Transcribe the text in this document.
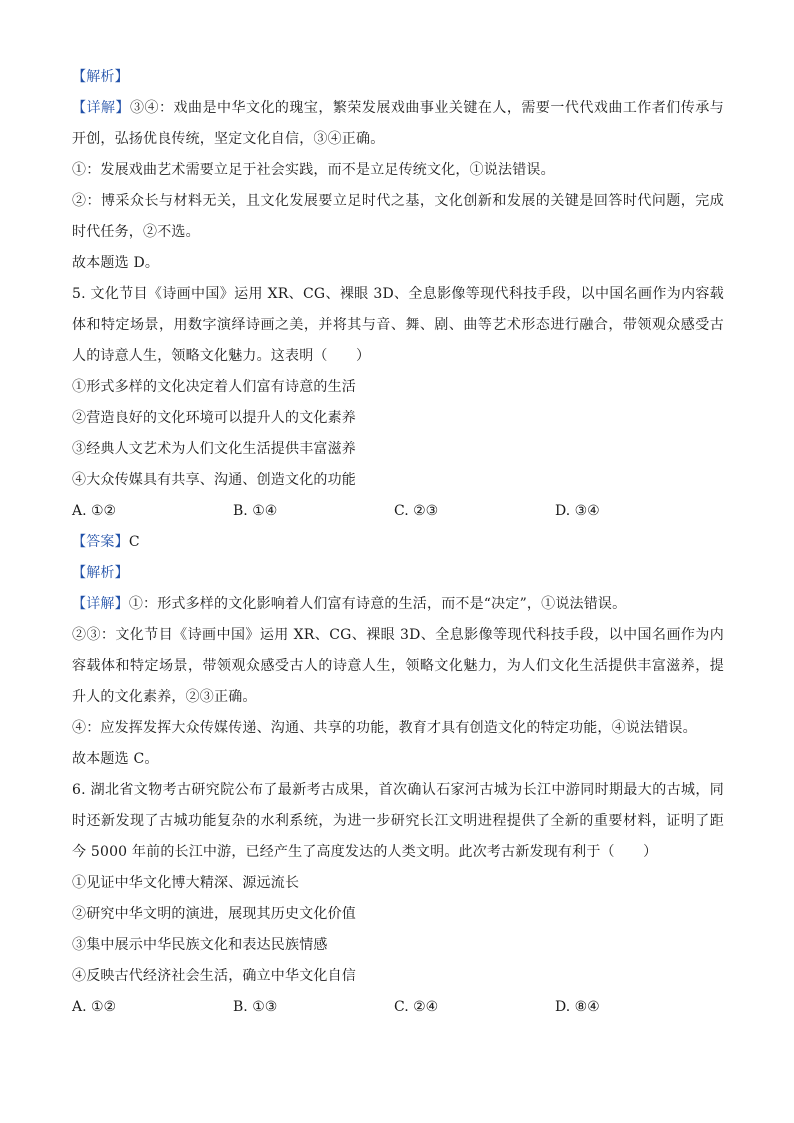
【解析】
【详解】③④：戏曲是中华文化的瑰宝，繁荣发展戏曲事业关键在人，需要一代代戏曲工作者们传承与开创，弘扬优良传统，坚定文化自信，③④正确。
①：发展戏曲艺术需要立足于社会实践，而不是立足传统文化，①说法错误。
②：博采众长与材料无关，且文化发展要立足时代之基，文化创新和发展的关键是回答时代问题，完成时代任务，②不选。
故本题选 D。
5. 文化节目《诗画中国》运用 XR、CG、裸眼 3D、全息影像等现代科技手段，以中国名画作为内容载体和特定场景，用数字演绎诗画之美，并将其与音、舞、剧、曲等艺术形态进行融合，带领观众感受古人的诗意人生，领略文化魅力。这表明（　　）
①形式多样的文化决定着人们富有诗意的生活
②营造良好的文化环境可以提升人的文化素养
③经典人文艺术为人们文化生活提供丰富滋养
④大众传媒具有共享、沟通、创造文化的功能
A. ①②	B. ①④	C. ②③	D. ③④
【答案】C
【解析】
【详解】①：形式多样的文化影响着人们富有诗意的生活，而不是“决定”，①说法错误。
②③：文化节目《诗画中国》运用 XR、CG、裸眼 3D、全息影像等现代科技手段，以中国名画作为内容载体和特定场景，带领观众感受古人的诗意人生，领略文化魅力，为人们文化生活提供丰富滋养，提升人的文化素养，②③正确。
④：应发挥发挥大众传媒传递、沟通、共享的功能，教育才具有创造文化的特定功能，④说法错误。
故本题选 C。
6. 湖北省文物考古研究院公布了最新考古成果，首次确认石家河古城为长江中游同时期最大的古城，同时还新发现了古城功能复杂的水利系统，为进一步研究长江文明进程提供了全新的重要材料，证明了距今 5000 年前的长江中游，已经产生了高度发达的人类文明。此次考古新发现有利于（　　）
①见证中华文化博大精深、源远流长
②研究中华文明的演进，展现其历史文化价值
③集中展示中华民族文化和表达民族情感
④反映古代经济社会生活，确立中华文化自信
A. ①②	B. ①③	C. ②④	D. ⑧④
